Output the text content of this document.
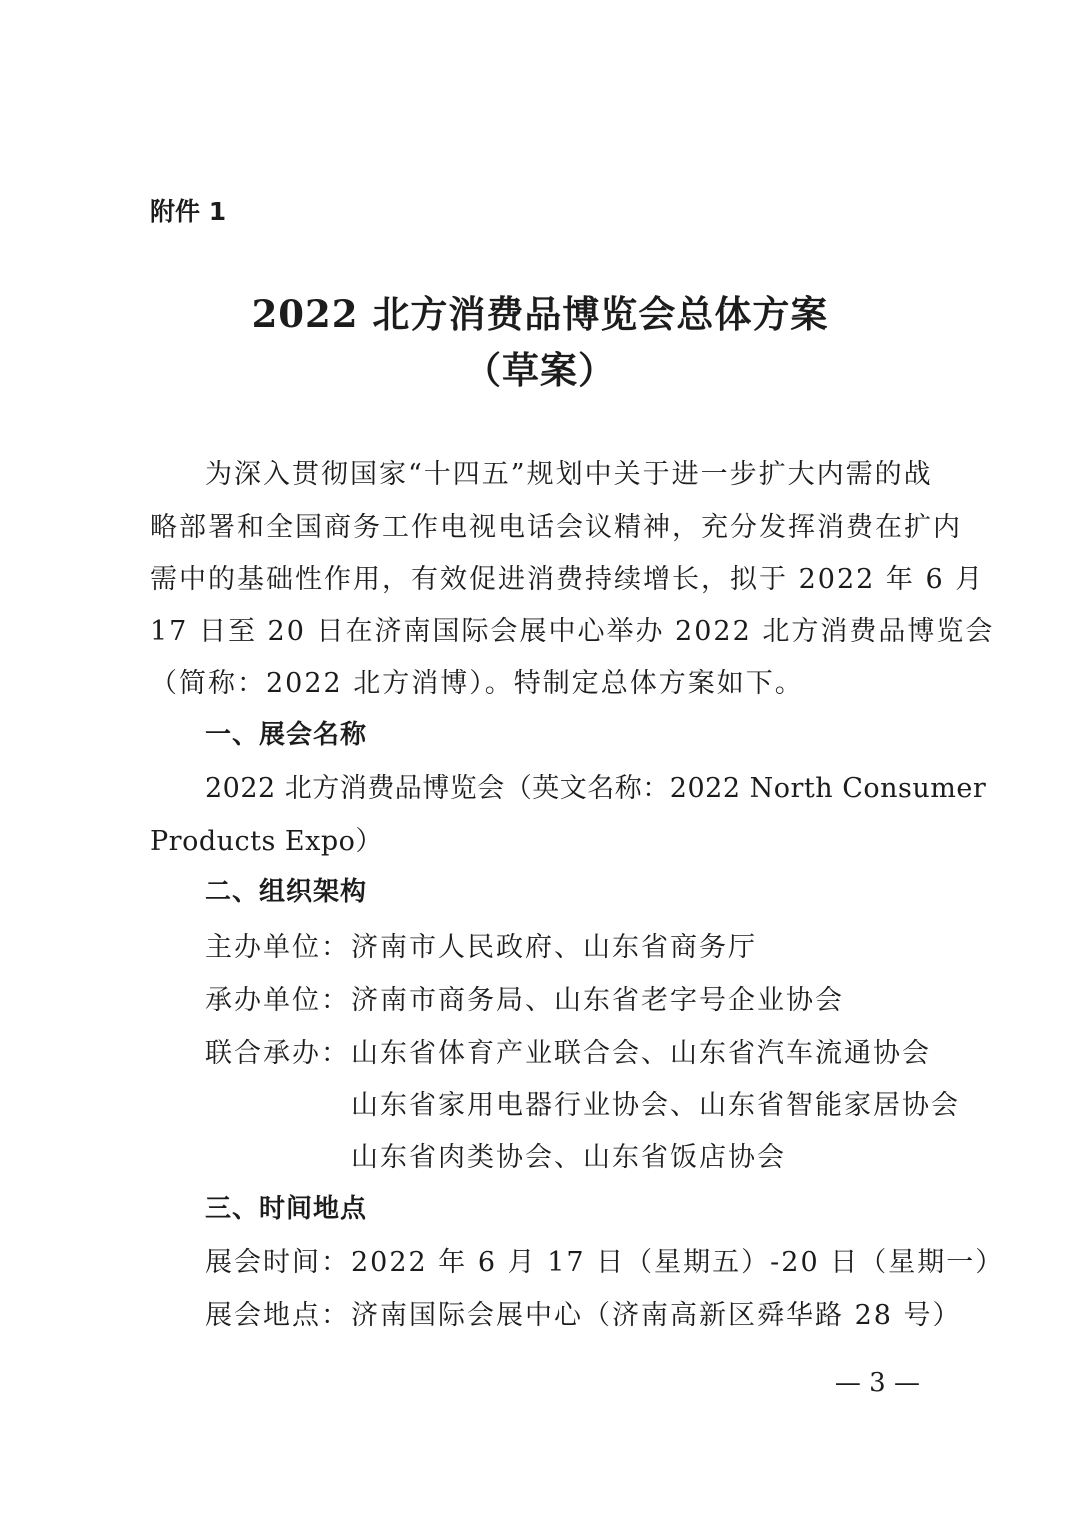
附件 1
2022 北方消费品博览会总体方案
（草案）
为深入贯彻国家“十四五”规划中关于进一步扩大内需的战
略部署和全国商务工作电视电话会议精神，充分发挥消费在扩内
需中的基础性作用，有效促进消费持续增长，拟于 2022 年 6 月
17 日至 20 日在济南国际会展中心举办 2022 北方消费品博览会
（简称：2022 北方消博）。特制定总体方案如下。
一、展会名称
2022 北方消费品博览会（英文名称：2022 North Consumer
Products Expo）
二、组织架构
主办单位：济南市人民政府、山东省商务厅
承办单位：济南市商务局、山东省老字号企业协会
联合承办：山东省体育产业联合会、山东省汽车流通协会
山东省家用电器行业协会、山东省智能家居协会
山东省肉类协会、山东省饭店协会
三、时间地点
展会时间：2022 年 6 月 17 日（星期五）-20 日（星期一）
展会地点：济南国际会展中心（济南高新区舜华路 28 号）
— 3 —
